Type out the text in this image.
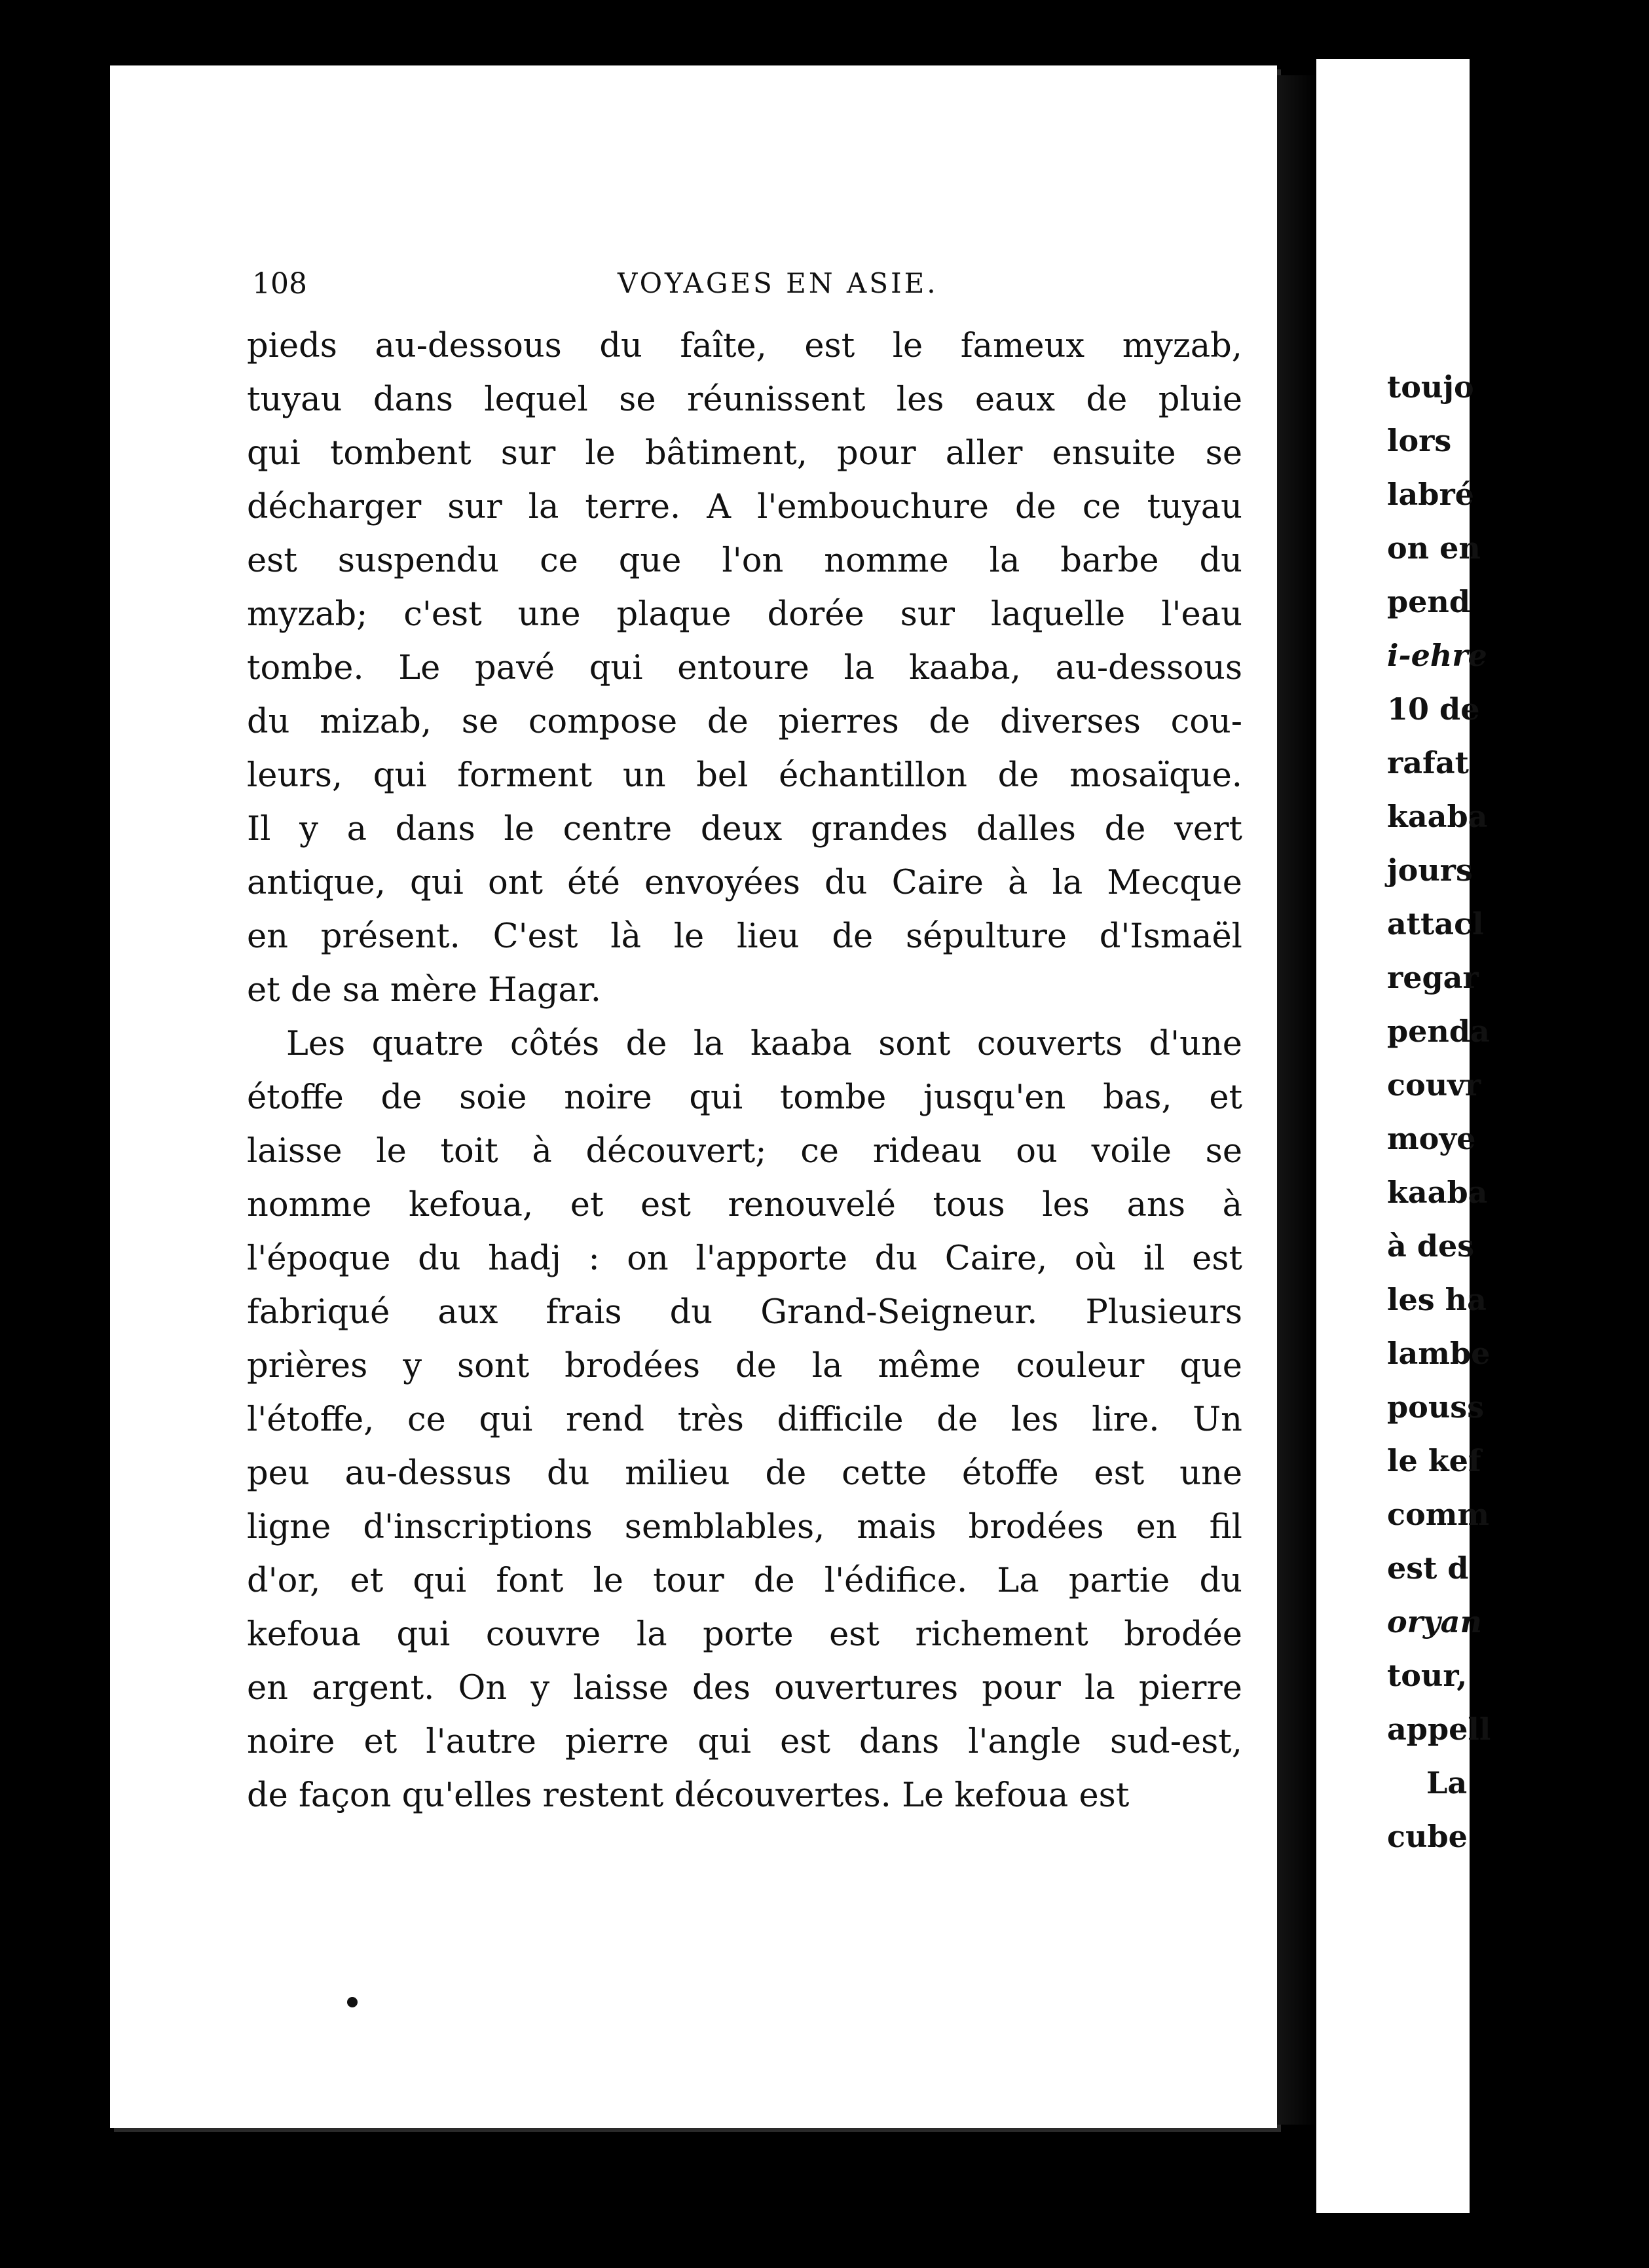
toujo
lors
labré
on en
pend
i-ehre
10 de
rafat
kaaba
jours
attacl
regar
penda
couvr
moye
kaaba
à des
les ha
lambe
pouss
le kef
comm
est d
oryan
tour,
appell
La
cube
108	VOYAGES EN ASIE.
pieds au-dessous du faîte, est le fameux myzab,
tuyau dans lequel se réunissent les eaux de pluie
qui tombent sur le bâtiment, pour aller ensuite se
décharger sur la terre. A l'embouchure de ce tuyau
est suspendu ce que l'on nomme la barbe du
myzab; c'est une plaque dorée sur laquelle l'eau
tombe. Le pavé qui entoure la kaaba, au-dessous
du mizab, se compose de pierres de diverses cou-
leurs, qui forment un bel échantillon de mosaïque.
Il y a dans le centre deux grandes dalles de vert
antique, qui ont été envoyées du Caire à la Mecque
en présent. C'est là le lieu de sépulture d'Ismaël
et de sa mère Hagar.
Les quatre côtés de la kaaba sont couverts d'une
étoffe de soie noire qui tombe jusqu'en bas, et
laisse le toit à découvert; ce rideau ou voile se
nomme kefoua, et est renouvelé tous les ans à
l'époque du hadj : on l'apporte du Caire, où il est
fabriqué aux frais du Grand-Seigneur. Plusieurs
prières y sont brodées de la même couleur que
l'étoffe, ce qui rend très difficile de les lire. Un
peu au-dessus du milieu de cette étoffe est une
ligne d'inscriptions semblables, mais brodées en fil
d'or, et qui font le tour de l'édifice. La partie du
kefoua qui couvre la porte est richement brodée
en argent. On y laisse des ouvertures pour la pierre
noire et l'autre pierre qui est dans l'angle sud-est,
de façon qu'elles restent découvertes. Le kefoua est
